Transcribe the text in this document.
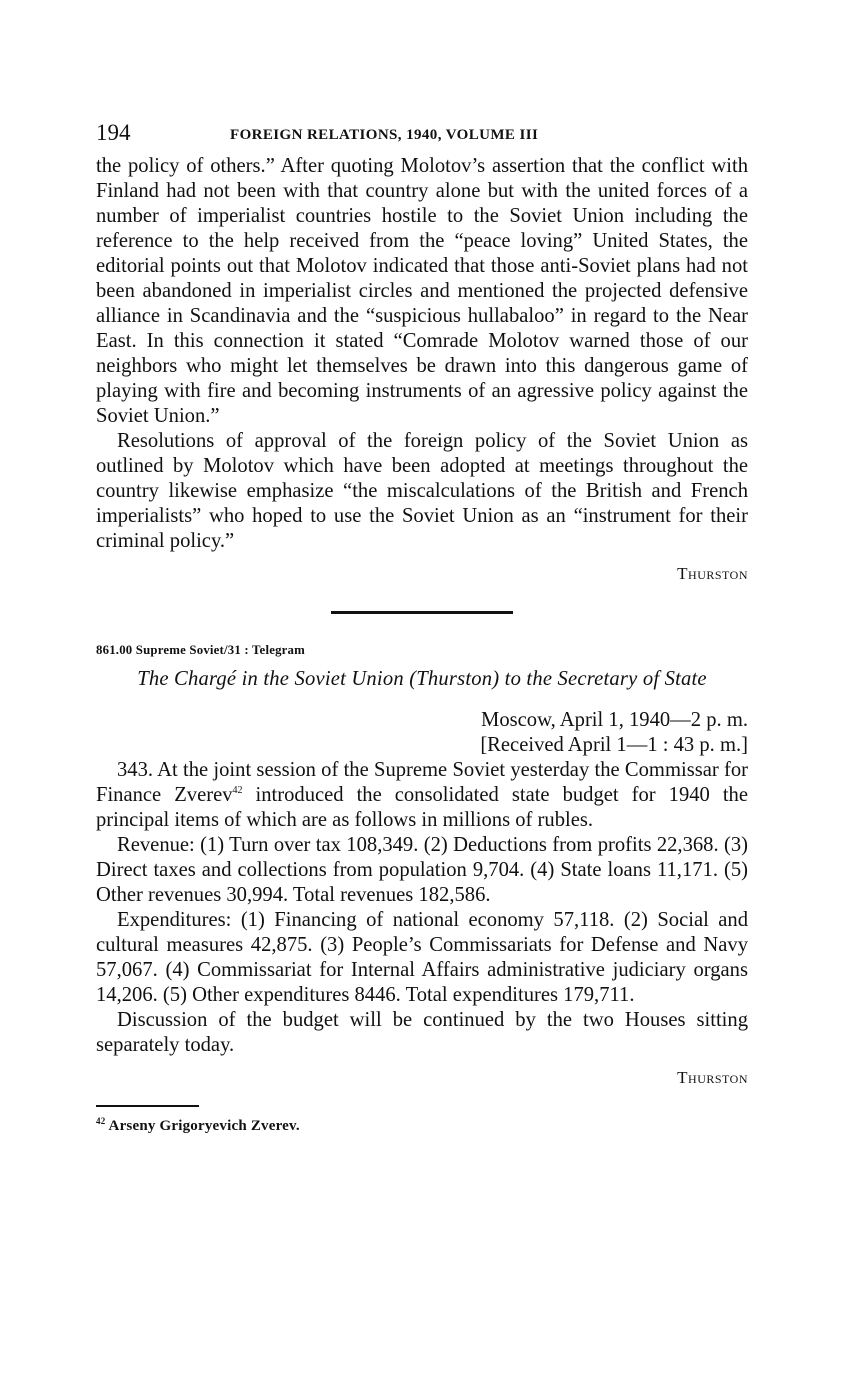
194	FOREIGN RELATIONS, 1940, VOLUME III

the policy of others.” After quoting Molotov’s assertion that the conflict with Finland had not been with that country alone but with the united forces of a number of imperialist countries hostile to the Soviet Union including the reference to the help received from the “peace loving” United States, the editorial points out that Molotov indicated that those anti-Soviet plans had not been abandoned in imperialist circles and mentioned the projected defensive alliance in Scandinavia and the “suspicious hullabaloo” in regard to the Near East. In this connection it stated “Comrade Molotov warned those of our neighbors who might let themselves be drawn into this dangerous game of playing with fire and becoming instruments of an agressive policy against the Soviet Union.”

Resolutions of approval of the foreign policy of the Soviet Union as outlined by Molotov which have been adopted at meetings throughout the country likewise emphasize “the miscalculations of the British and French imperialists” who hoped to use the Soviet Union as an “instrument for their criminal policy.”

Thurston
861.00 Supreme Soviet/31 : Telegram
The Chargé in the Soviet Union (Thurston) to the Secretary of State
Moscow, April 1, 1940—2 p. m.
[Received April 1—1 : 43 p. m.]

343. At the joint session of the Supreme Soviet yesterday the Commissar for Finance Zverev$^{42}$ introduced the consolidated state budget for 1940 the principal items of which are as follows in millions of rubles.

Revenue: (1) Turn over tax 108,349. (2) Deductions from profits 22,368. (3) Direct taxes and collections from population 9,704. (4) State loans 11,171. (5) Other revenues 30,994. Total revenues 182,586.

Expenditures: (1) Financing of national economy 57,118. (2) Social and cultural measures 42,875. (3) People’s Commissariats for Defense and Navy 57,067. (4) Commissariat for Internal Affairs administrative judiciary organs 14,206. (5) Other expenditures 8446. Total expenditures 179,711.

Discussion of the budget will be continued by the two Houses sitting separately today.

Thurston
$^{42}$ Arseny Grigoryevich Zverev.
